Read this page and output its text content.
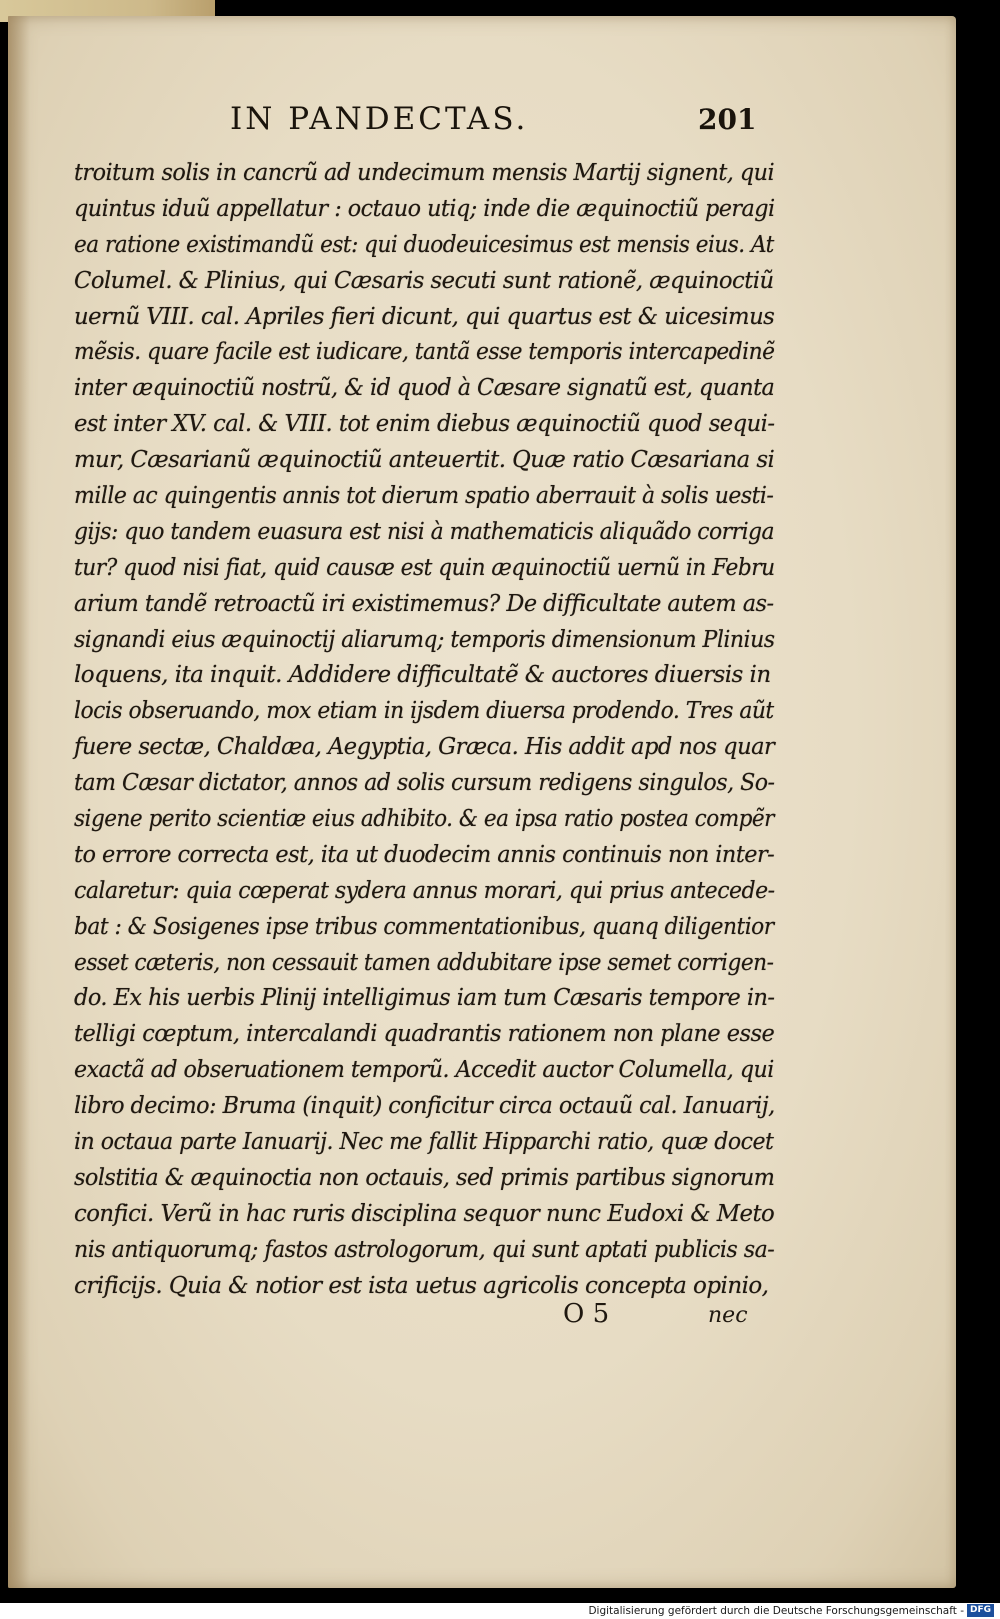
IN PANDECTAS.	201
troitum solis in cancrũ ad undecimum mensis Martij signent, qui
quintus iduũ appellatur : octauo utiq; inde die æquinoctiũ peragi
ea ratione existimandũ est: qui duodeuicesimus est mensis eius. At
Columel. & Plinius, qui Cæsaris secuti sunt rationẽ, æquinoctiũ
uernũ VIII. cal. Apriles fieri dicunt, qui quartus est & uicesimus
mẽsis. quare facile est iudicare, tantã esse temporis intercapedinẽ
inter æquinoctiũ nostrũ, & id quod à Cæsare signatũ est, quanta
est inter XV. cal. & VIII. tot enim diebus æquinoctiũ quod sequi-
mur, Cæsarianũ æquinoctiũ anteuertit. Quæ ratio Cæsariana si
mille ac quingentis annis tot dierum spatio aberrauit à solis uesti-
gijs: quo tandem euasura est nisi à mathematicis aliquãdo corriga
tur? quod nisi fiat, quid causæ est quin æquinoctiũ uernũ in Febru
arium tandẽ retroactũ iri existimemus? De difficultate autem as-
signandi eius æquinoctij aliarumq; temporis dimensionum Plinius
loquens, ita inquit. Addidere difficultatẽ & auctores diuersis in
locis obseruando, mox etiam in ijsdem diuersa prodendo. Tres aũt
fuere sectæ, Chaldæa, Aegyptia, Græca. His addit apd nos quar
tam Cæsar dictator, annos ad solis cursum redigens singulos, So-
sigene perito scientiæ eius adhibito. & ea ipsa ratio postea compẽr
to errore correcta est, ita ut duodecim annis continuis non inter-
calaretur: quia cœperat sydera annus morari, qui prius antecede-
bat : & Sosigenes ipse tribus commentationibus, quanq diligentior
esset cæteris, non cessauit tamen addubitare ipse semet corrigen-
do. Ex his uerbis Plinij intelligimus iam tum Cæsaris tempore in-
telligi cœptum, intercalandi quadrantis rationem non plane esse
exactã ad obseruationem temporũ. Accedit auctor Columella, qui
libro decimo: Bruma (inquit) conficitur circa octauũ cal. Ianuarij,
in octaua parte Ianuarij. Nec me fallit Hipparchi ratio, quæ docet
solstitia & æquinoctia non octauis, sed primis partibus signorum
confici. Verũ in hac ruris disciplina sequor nunc Eudoxi & Meto
nis antiquorumq; fastos astrologorum, qui sunt aptati publicis sa-
crificijs. Quia & notior est ista uetus agricolis concepta opinio,
O 5	nec
Digitalisierung gefördert durch die Deutsche Forschungsgemeinschaft - DFG
